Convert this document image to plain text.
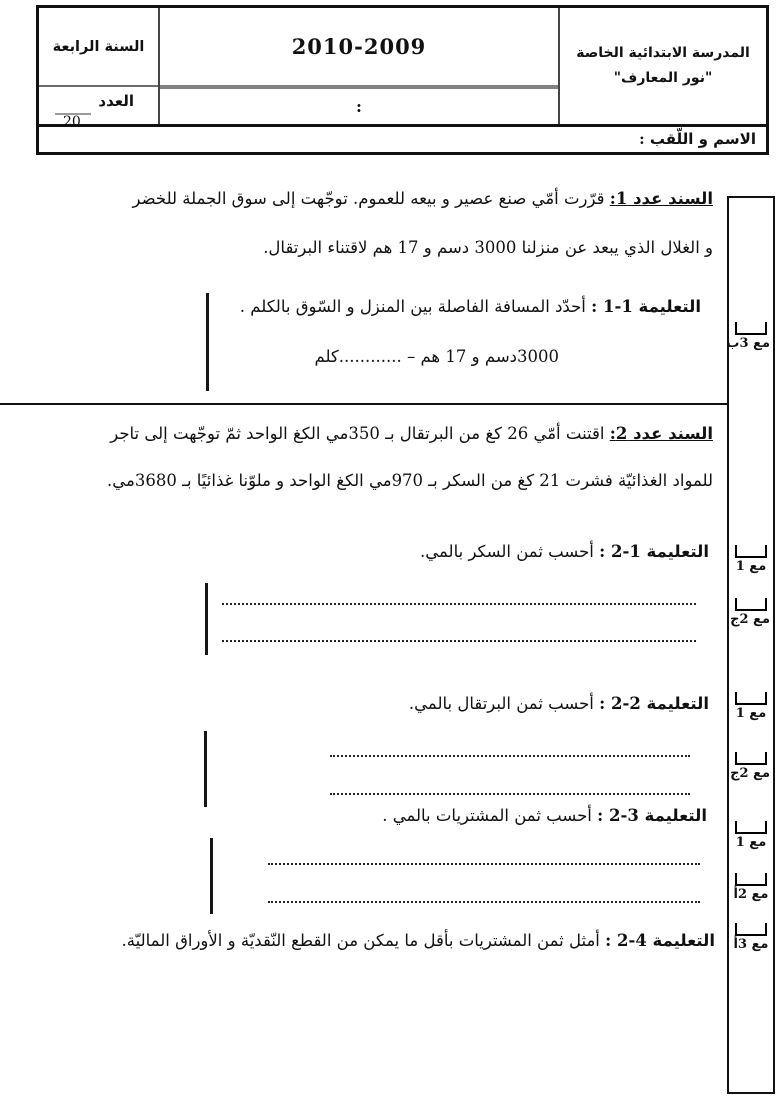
المدرسة الابتدائية الخاصة
"نور المعارف"
2010-2009
:
السنة الرابعة
العدد
20
الاسم و اللّقب :
السند عدد 1: قرّرت أمّي صنع عصير و بيعه للعموم. توجّهت إلى سوق الجملة للخضر
و الغلال الذي يبعد عن منزلنا 3000 دسم و 17 هم لاقتناء البرتقال.
التعليمة 1-1 : أحدّد المسافة الفاصلة بين المنزل و السّوق بالكلم .
3000دسم و 17 هم – ............كلم
السند عدد 2: اقتنت أمّي 26 كغ من البرتقال بـ 350مي الكغ الواحد ثمّ توجّهت إلى تاجر
للمواد الغذائيّة فشرت 21 كغ من السكر بـ 970مي الكغ الواحد و ملوّنا غذائيًا بـ 3680مي.
التعليمة 1-2 : أحسب ثمن السكر بالمي.
التعليمة 2-2 : أحسب ثمن البرتقال بالمي.
التعليمة 3-2 : أحسب ثمن المشتريات بالمي .
التعليمة 4-2 : أمثل ثمن المشتريات بأقل ما يمكن من القطع النّقديّة و الأوراق الماليّة.
مع 3ب
مع 1
مع 2ج
مع 1
مع 2ج
مع 1
مع 2أ
مع 3أ
